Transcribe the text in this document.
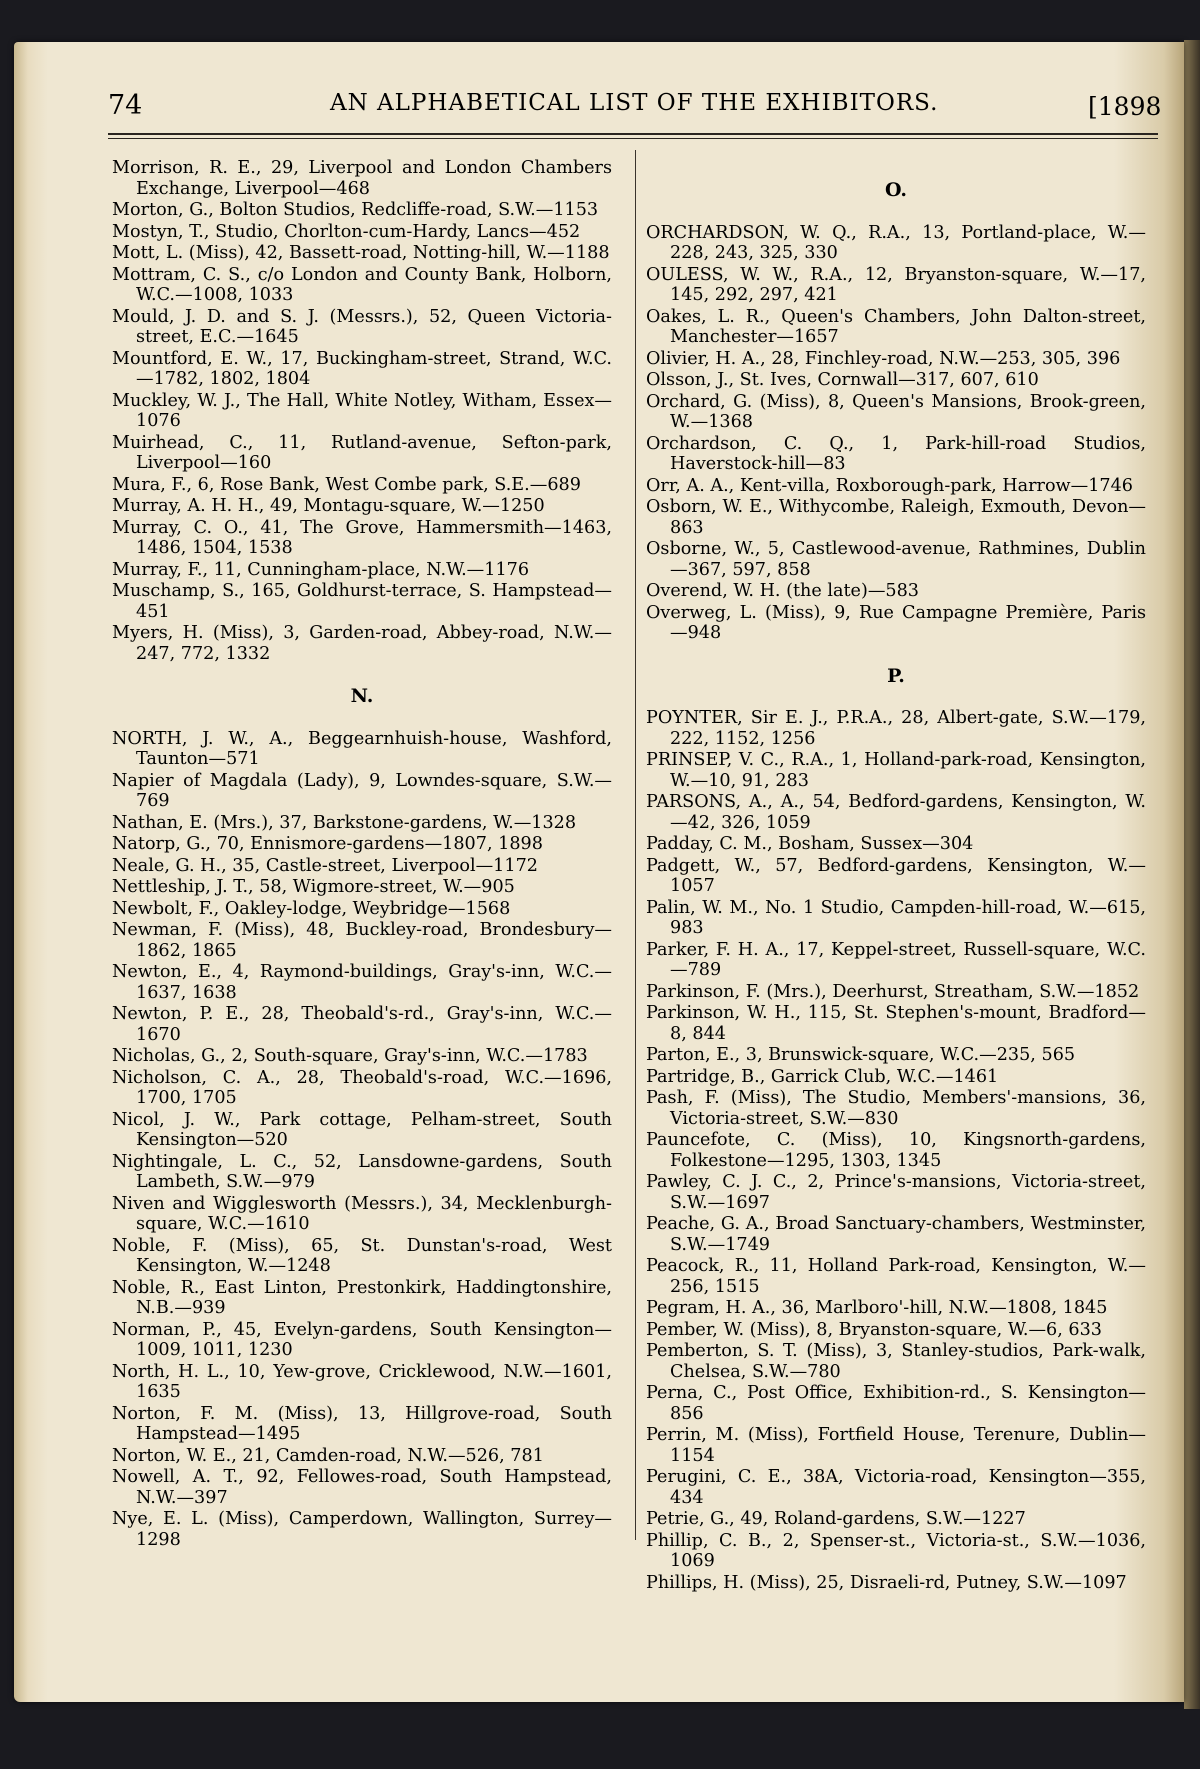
74	AN ALPHABETICAL LIST OF THE EXHIBITORS.	[1898
Morrison, R. E., 29, Liverpool and London Chambers Exchange, Liverpool—468
Morton, G., Bolton Studios, Redcliffe-road, S.W.—1153
Mostyn, T., Studio, Chorlton-cum-Hardy, Lancs—452
Mott, L. (Miss), 42, Bassett-road, Notting-hill, W.—1188
Mottram, C. S., c/o London and County Bank, Holborn, W.C.—1008, 1033
Mould, J. D. and S. J. (Messrs.), 52, Queen Victoria-street, E.C.—1645
Mountford, E. W., 17, Buckingham-street, Strand, W.C.—1782, 1802, 1804
Muckley, W. J., The Hall, White Notley, Witham, Essex—1076
Muirhead, C., 11, Rutland-avenue, Sefton-park, Liverpool—160
Mura, F., 6, Rose Bank, West Combe park, S.E.—689
Murray, A. H. H., 49, Montagu-square, W.—1250
Murray, C. O., 41, The Grove, Hammersmith—1463, 1486, 1504, 1538
Murray, F., 11, Cunningham-place, N.W.—1176
Muschamp, S., 165, Goldhurst-terrace, S. Hampstead—451
Myers, H. (Miss), 3, Garden-road, Abbey-road, N.W.—247, 772, 1332
N.
NORTH, J. W., A., Beggearnhuish-house, Washford, Taunton—571
Napier of Magdala (Lady), 9, Lowndes-square, S.W.—769
Nathan, E. (Mrs.), 37, Barkstone-gardens, W.—1328
Natorp, G., 70, Ennismore-gardens—1807, 1898
Neale, G. H., 35, Castle-street, Liverpool—1172
Nettleship, J. T., 58, Wigmore-street, W.—905
Newbolt, F., Oakley-lodge, Weybridge—1568
Newman, F. (Miss), 48, Buckley-road, Brondesbury—1862, 1865
Newton, E., 4, Raymond-buildings, Gray's-inn, W.C.—1637, 1638
Newton, P. E., 28, Theobald's-rd., Gray's-inn, W.C.—1670
Nicholas, G., 2, South-square, Gray's-inn, W.C.—1783
Nicholson, C. A., 28, Theobald's-road, W.C.—1696, 1700, 1705
Nicol, J. W., Park cottage, Pelham-street, South Kensington—520
Nightingale, L. C., 52, Lansdowne-gardens, South Lambeth, S.W.—979
Niven and Wigglesworth (Messrs.), 34, Mecklenburgh-square, W.C.—1610
Noble, F. (Miss), 65, St. Dunstan's-road, West Kensington, W.—1248
Noble, R., East Linton, Prestonkirk, Haddingtonshire, N.B.—939
Norman, P., 45, Evelyn-gardens, South Kensington—1009, 1011, 1230
North, H. L., 10, Yew-grove, Cricklewood, N.W.—1601, 1635
Norton, F. M. (Miss), 13, Hillgrove-road, South Hampstead—1495
Norton, W. E., 21, Camden-road, N.W.—526, 781
Nowell, A. T., 92, Fellowes-road, South Hampstead, N.W.—397
Nye, E. L. (Miss), Camperdown, Wallington, Surrey—1298
O.
ORCHARDSON, W. Q., R.A., 13, Portland-place, W.—228, 243, 325, 330
OULESS, W. W., R.A., 12, Bryanston-square, W.—17, 145, 292, 297, 421
Oakes, L. R., Queen's Chambers, John Dalton-street, Manchester—1657
Olivier, H. A., 28, Finchley-road, N.W.—253, 305, 396
Olsson, J., St. Ives, Cornwall—317, 607, 610
Orchard, G. (Miss), 8, Queen's Mansions, Brook-green, W.—1368
Orchardson, C. Q., 1, Park-hill-road Studios, Haverstock-hill—83
Orr, A. A., Kent-villa, Roxborough-park, Harrow—1746
Osborn, W. E., Withycombe, Raleigh, Exmouth, Devon—863
Osborne, W., 5, Castlewood-avenue, Rathmines, Dublin—367, 597, 858
Overend, W. H. (the late)—583
Overweg, L. (Miss), 9, Rue Campagne Première, Paris—948
P.
POYNTER, Sir E. J., P.R.A., 28, Albert-gate, S.W.—179, 222, 1152, 1256
PRINSEP, V. C., R.A., 1, Holland-park-road, Kensington, W.—10, 91, 283
PARSONS, A., A., 54, Bedford-gardens, Kensington, W.—42, 326, 1059
Padday, C. M., Bosham, Sussex—304
Padgett, W., 57, Bedford-gardens, Kensington, W.—1057
Palin, W. M., No. 1 Studio, Campden-hill-road, W.—615, 983
Parker, F. H. A., 17, Keppel-street, Russell-square, W.C.—789
Parkinson, F. (Mrs.), Deerhurst, Streatham, S.W.—1852
Parkinson, W. H., 115, St. Stephen's-mount, Bradford—8, 844
Parton, E., 3, Brunswick-square, W.C.—235, 565
Partridge, B., Garrick Club, W.C.—1461
Pash, F. (Miss), The Studio, Members'-mansions, 36, Victoria-street, S.W.—830
Pauncefote, C. (Miss), 10, Kingsnorth-gardens, Folkestone—1295, 1303, 1345
Pawley, C. J. C., 2, Prince's-mansions, Victoria-street, S.W.—1697
Peache, G. A., Broad Sanctuary-chambers, Westminster, S.W.—1749
Peacock, R., 11, Holland Park-road, Kensington, W.—256, 1515
Pegram, H. A., 36, Marlboro'-hill, N.W.—1808, 1845
Pember, W. (Miss), 8, Bryanston-square, W.—6, 633
Pemberton, S. T. (Miss), 3, Stanley-studios, Park-walk, Chelsea, S.W.—780
Perna, C., Post Office, Exhibition-rd., S. Kensington—856
Perrin, M. (Miss), Fortfield House, Terenure, Dublin—1154
Perugini, C. E., 38A, Victoria-road, Kensington—355, 434
Petrie, G., 49, Roland-gardens, S.W.—1227
Phillip, C. B., 2, Spenser-st., Victoria-st., S.W.—1036, 1069
Phillips, H. (Miss), 25, Disraeli-rd, Putney, S.W.—1097
